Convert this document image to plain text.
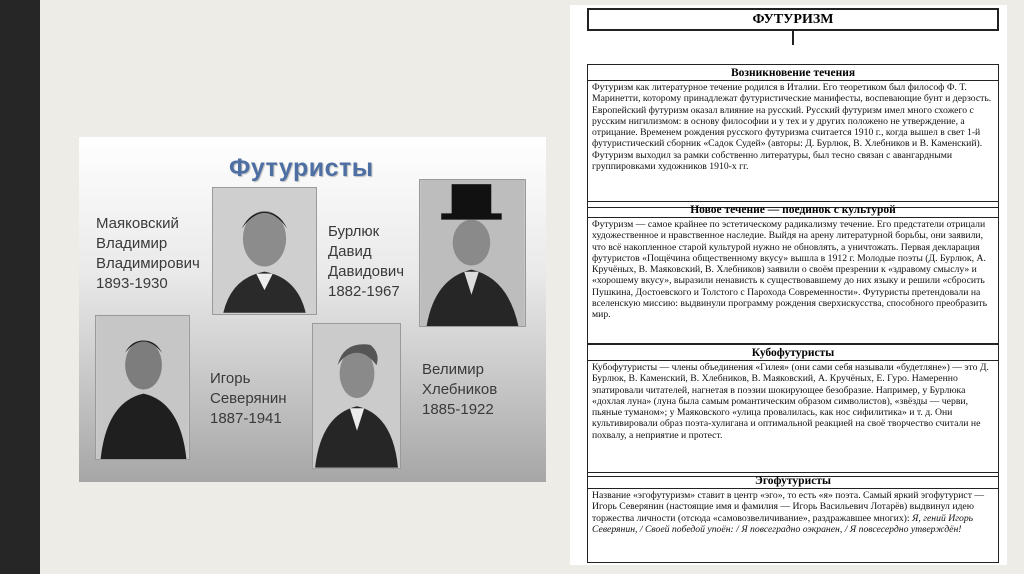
Футуристы
Маяковский
Владимир
Владимирович
1893-1930
Бурлюк
Давид
Давидович
1882-1967
Игорь
Северянин
1887-1941
Велимир
Хлебников
1885-1922
ФУТУРИЗМ
Возникновение течения
Футуризм как литературное течение родился в Италии. Его теоретиком был философ Ф. Т. Маринетти, которому принадлежат футуристические манифесты, воспевающие бунт и дерзость. Европейский футуризм оказал влияние на русский. Русский футуризм имел много схожего с русским нигилизмом: в основу философии и у тех и у других положено не утверждение, а отрицание. Временем рождения русского футуризма считается 1910 г., когда вышел в свет 1-й футуристический сборник «Садок Судей» (авторы: Д. Бурлюк, В. Хлебников и В. Каменский). Футуризм выходил за рамки собственно литературы, был тесно связан с авангардными группировками художников 1910-х гг.
Новое течение — поединок с культурой
Футуризм — самое крайнее по эстетическому радикализму течение. Его предстатели отрицали художественное и нравственное наследие. Выйдя на арену литературной борьбы, они заявили, что всё накопленное старой культурой нужно не обновлять, а уничтожать. Первая декларация футуристов «Пощёчина общественному вкусу» вышла в 1912 г. Молодые поэты (Д. Бурлюк, А. Кручёных, В. Маяковский, В. Хлебников) заявили о своём презрении к «здравому смыслу» и «хорошему вкусу», выразили ненависть к существовавшему до них языку и решили «сбросить Пушкина, Достоевского и Толстого с Парохода Современности». Футуристы претендовали на вселенскую миссию: выдвинули программу рождения сверхискусства, способного преобразить мир.
Кубофутуристы
Кубофутуристы — члены объединения «Гилея» (они сами себя называли «будетляне») — это Д. Бурлюк, В. Каменский, В. Хлебников, В. Маяковский, А. Кручёных, Е. Гуро. Намеренно эпатировали читателей, нагнетая в поэзии шокирующее безобразие. Например, у Бурлюка «дохлая луна» (луна была самым романтическим образом символистов), «звёзды — черви, пьяные туманом»; у Маяковского «улица провалилась, как нос сифилитика» и т. д. Они культивировали образ поэта-хулигана и оптимальной реакцией на своё творчество считали не похвалу, а неприятие и протест.
Эгофутуристы
Название «эгофутуризм» ставит в центр «эго», то есть «я» поэта. Самый яркий эгофутурист — Игорь Северянин (настоящие имя и фамилия — Игорь Васильевич Лотарёв) выдвинул идею торжества личности (отсюда «самовозвеличивание», раздражавшее многих): Я, гений Игорь Северянин, / Своей победой упоён: / Я повсеградно оэкранен, / Я повсесердно утверждён!
